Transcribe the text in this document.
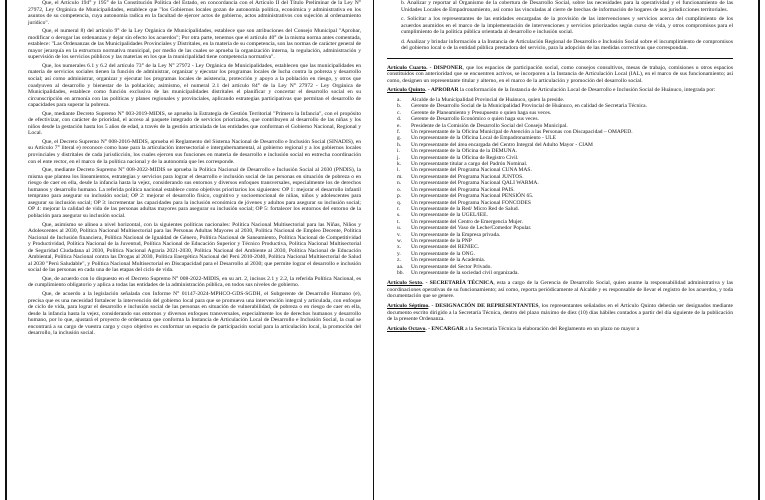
Que, el Artículo 194° y 195° de la Constitución Política del Estado, en concordancia con el Artículo II del Título Preliminar de la Ley N° 27972, Ley Orgánica de Municipalidades, establece que "los Gobiernos locales gozan de autonomía política, económica y administrativa en los asuntos de su competencia, cuya autonomía radica en la facultad de ejercer actos de gobierno, actos administrativos con sujeción al ordenamiento jurídico".

Que, el numeral 8) del artículo 9° de la Ley Orgánica de Municipalidades, establece que son atribuciones del Consejo Municipal "Aprobar, modificar o derogar las ordenanzas y dejar sin efecto los acuerdos"; Por otra parte, tenemos que el artículo 40° de la misma norma antes comentada, establece: "Las Ordenanzas de las Municipalidades Provinciales y Distritales, en la materia de su competencia, son las normas de carácter general de mayor jerarquía en la estructura normativa municipal, por medio de las cuales se aprueba la organización interna, la regulación, administración y supervisión de los servicios públicos y las materias en los que la municipalidad tiene competencia normativa".

Que, los numerales 6.1 y 6.2 del artículo 73° de la Ley N° 27972 - Ley Orgánica de Municipalidades, establecen que las municipalidades en materia de servicios sociales tienen la función de administrar, organizar y ejecutar los programas locales de lucha contra la pobreza y desarrollo social; así como administrar, organizar y ejecutar los programas locales de asistencia, protección y apoyo a la población en riesgo, y otros que coadyuven al desarrollo y bienestar de la población; asimismo, el numeral 2.1 del artículo 84° de la Ley N° 27972 - Ley Orgánica de Municipalidades, establece como función exclusiva de las municipalidades distritales el planificar y concertar el desarrollo social en su circunscripción en armonía con las políticas y planes regionales y provinciales, aplicando estrategias participativas que permitan el desarrollo de capacidades para superar la pobreza.

Que, mediante Decreto Supremo N° 003-2019-MIDIS, se aprueba la Estrategia de Gestión Territorial "Primero la Infancia", con el propósito de efectivizar, con carácter de prioridad, el acceso al paquete integrado de servicios priorizados, que contribuyen al desarrollo de las niñas y los niños desde la gestación hasta los 5 años de edad, a través de la gestión articulada de las entidades que conforman el Gobierno Nacional, Regional y Local.

Que, el Decreto Supremo N° 008-2016-MIDIS, aprueba el Reglamento del Sistema Nacional de Desarrollo e Inclusión Social (SINADIS), en su Artículo 7° literal e) reconoce como base para la articulación intersectorial e intergubernamental, al gobierno regional y a los gobiernos locales provinciales y distritales de cada jurisdicción, los cuales ejercen sus funciones en materia de desarrollo e inclusión social en estrecha coordinación con el ente rector, en el marco de la política nacional y de la autonomía que les corresponde.

Que, mediante Decreto Supremo N° 008-2022-MIDIS se aprueba la Política Nacional de Desarrollo e Inclusión Social al 2030 (PNDIS), la misma que plantea los lineamientos, estrategias y servicios para lograr el desarrollo e inclusión social de las personas en situación de pobreza o en riesgo de caer en ella, desde la infancia hasta la vejez, considerando sus entornos y diversos enfoques transversales, especialmente los de derechos humanos y desarrollo humano. La referida política nacional establece como objetivos prioritarios los siguientes: OP 1: mejorar el desarrollo infantil temprano para asegurar su inclusión social; OP 2: mejorar el desarrollo físico, cognitivo y socioemocional de niñas, niños y adolescentes para asegurar su inclusión social; OP 3: incrementar las capacidades para la inclusión económica de jóvenes y adultos para asegurar su inclusión social; OP 4: mejorar la calidad de vida de las personas adultas mayores para asegurar su inclusión social; OP 5: fortalecer los entornos del entorno de la población para asegurar su inclusión social.

Que, asimismo se alinea a nivel horizontal, con la siguientes políticas nacionales: Política Nacional Multisectorial para las Niñas, Niños y Adolescentes al 2030, Política Nacional Multisectorial para las Personas Adultas Mayores al 2030, Política Nacional de Empleo Decente, Política Nacional de Inclusión financiera, Política Nacional de Igualdad de Género, Política Nacional de Saneamiento, Política Nacional de Competitividad y Productividad, Política Nacional de la Juventud, Política Nacional de Educación Superior y Técnico Productiva, Política Nacional Multisectorial de Seguridad Ciudadana al 2030, Política Nacional Agraria 2021-2030, Política Nacional del Ambiente al 2030, Política Nacional de Educación Ambiental, Política Nacional contra las Drogas al 2030, Política Energética Nacional del Perú 2010-2040, Política Nacional Multisectorial de Salud al 2030 "Perú Saludable", y Política Nacional Multisectorial en Discapacidad para el Desarrollo al 2030; que permite lograr el desarrollo e inclusión social de las personas en cada una de las etapas del ciclo de vida.

Que, de acuerdo con lo dispuesto en el Decreto Supremo N° 008-2022-MIDIS, en su art. 2, incisos 2.1 y 2.2, la referida Política Nacional, es de cumplimiento obligatorio y aplica a todas las entidades de la administración pública, en todos sus niveles de gobierno.

Que, de acuerdo a la legislación señalada con Informe N° 01147-2024-MPHCO-GDS-SGDH, el Subgerente de Desarrollo Humano (e), precisa que es una necesidad fortalecer la intervención del gobierno local para que se promueva una intervención integral y articulada, con enfoque de ciclo de vida, para lograr el desarrollo e inclusión social de las personas en situación de vulnerabilidad, de pobreza o en riesgo de caer en ella, desde la infancia hasta la vejez, considerando sus entornos y diversos enfoques transversales, especialmente los de derechos humanos y desarrollo humano, por lo que, ajustará el proyecto de ordenanza que conforma la Instancia de Articulación Local de Desarrollo e Inclusión Social, la cual se encontrará a su cargo de vuestra cargo y cuyo objetivo es conformar un espacio de participación social para la articulación local, la promoción del desarrollo, la inclusión social.

b. Analizar y reportar al Organismo de la cobertura de Desarrollo Social, sobre las necesidades para la operatividad y el funcionamiento de las Unidades Locales de Empadronamiento, así como las vinculadas al cierre de brechas de información de hogares de sus jurisdicciones territoriales.

c. Solicitar a los representantes de las entidades encargadas de la provisión de las intervenciones y servicios acerca del cumplimiento de los acuerdos asumidos en el marco de la implementación de intervenciones y servicios priorizados según curso de vida, y otros compromisos para el cumplimiento de la política pública orientada al desarrollo e inclusión social.

d. Analizar y brindar información a la Instancia de Articulación Regional de Desarrollo e Inclusión Social sobre el incumplimiento de compromisos del gobierno local o de la entidad pública prestadora del servicio, para la adopción de las medidas correctivas que correspondan.

Artículo Cuarto. - DISPONER, que los espacios de participación social, como consejos consultivos, mesas de trabajo, comisiones u otros espacios constituidos con anterioridad que se encuentren activos, se incorporen a la Instancia de Articulación Local (IAL), en el marco de sus funcionamiento; así como, designen un representante titular y alterno, en el marco de la articulación y promoción del desarrollo social.

Artículo Quinto. - APROBAR la conformación de la Instancia de Articulación Local de Desarrollo e Inclusión Social de Huánuco, integrada por:

a.	Alcalde de la Municipalidad Provincial de Huánuco, quien la preside.
b.	Gerente de Desarrollo Social de la Municipalidad Provincial de Huánuco, en calidad de Secretaria Técnica.
c.	Gerente de Planeamiento y Presupuesto o quien haga sus veces.
d.	Gerente de Desarrollo Económico o quien haga sus veces.
e.	Presidente de la Comisión de Desarrollo Social del Consejo Municipal.
f.	Un representante de la Oficina Municipal de Atención a las Personas con Discapacidad – OMAPED.
g.	Un representante de la Oficina Local de Empadronamiento - ULE
h.	Un representante del área encargada del Centro Integral del Adulto Mayor - CIAM
i.	Un representante de la Oficina de la DEMUNA.
j.	Un representante de la Oficina de Registro Civil.
k.	Un representante titular a cargo del Padrón Nominal.
l.	Un representante del Programa Nacional CUNA MAS.
m.	Un representante del Programa Nacional JUNTOS.
n.	Un representante del Programa Nacional QALI WARMA.
o.	Un representante del Programa Nacional PAIS.
p.	Un representante del Programa Nacional PENSIÓN 65.
q.	Un representante del Programa Nacional FONCODES
r.	Un representante de la Red/ Micro Red de Salud.
s.	Un representante de la UGEL/IEE.
t.	Un representante del Centro de Emergencia Mujer.
u.	Un representante del Vaso de Leche/Comedor Popular.
v.	Un representante de la Empresa privada.
w.	Un representante de la PNP
x.	Un representante del RENIEC.
y.	Un representante de la ONG.
z.	Un representante de la Academia.
aa.	Un representante del Sector Privado.
bb.	Un representante de la sociedad civil organizada.

Artículo Sexto. - SECRETARÍA TÉCNICA, esta a cargo de la Gerencia de Desarrollo Social, quien asume la responsabilidad administrativa y las coordinaciones operativas de su funcionamiento; así como, reporta periódicamente al Alcalde y es responsable de llevar el registro de los acuerdos, y toda documentación que se genere.

Artículo Séptimo. - DESIGNACIÓN DE REPRESENTANTES, los representantes señalados en el Artículo Quinto deberán ser designados mediante documento escrito dirigido a la Secretaría Técnica, dentro del plazo máximo de diez (10) días hábiles contados a partir del día siguiente de la publicación de la presente Ordenanza.

Artículo Octavo. - ENCARGAR a la Secretaría Técnica la elaboración del Reglamento en un plazo no mayor a
